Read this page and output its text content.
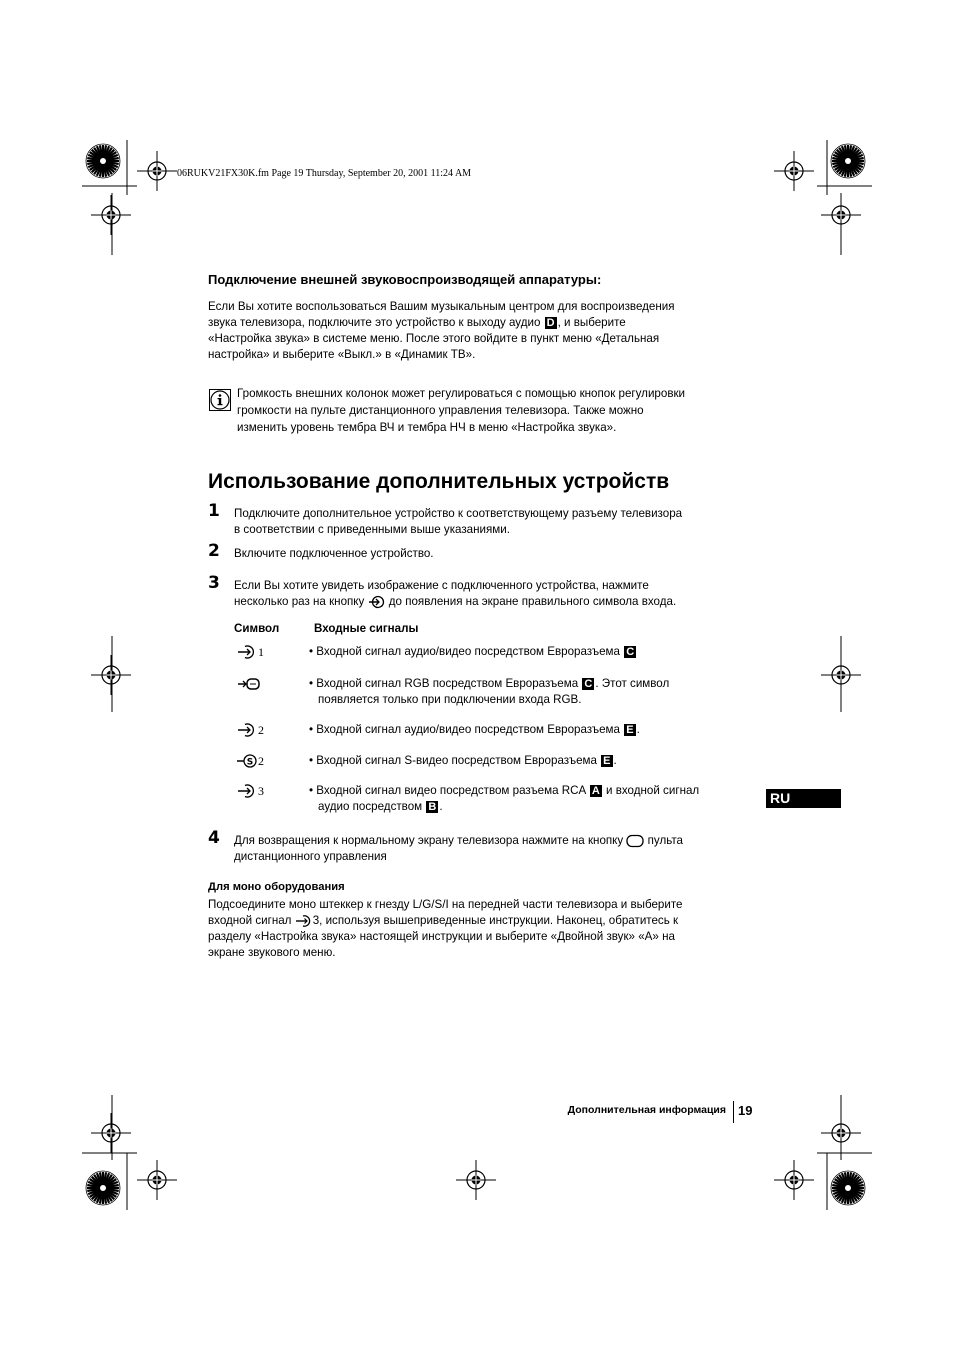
06RUKV21FX30K.fm Page 19 Thursday, September 20, 2001 11:24 AM
Подключение внешней звуковоспроизводящей аппаратуры:
Если Вы хотите воспользоваться Вашим музыкальным центром для воспроизведения
звука телевизора, подключите это устройство к выходу аудио D , и выберите
«Настройка звука» в системе меню. После этого войдите в пункт меню «Детальная
настройка» и выберите «Выкл.» в «Динамик ТВ».
Громкость внешних колонок может регулироваться с помощью кнопок регулировки
громкости на пульте дистанционного управления телевизора. Также можно
изменить уровень тембра ВЧ и тембра НЧ в меню «Настройка звука».
Использование дополнительных устройств
1 Подключите дополнительное устройство к соответствующему разъему телевизора
в соответствии с приведенными выше указаниями.
2 Включите подключенное устройство.
3 Если Вы хотите увидеть изображение с подключенного устройства, нажмите
несколько раз на кнопку до появления на экране правильного символа входа.
Символ	Входные сигналы
1	• Входной сигнал аудио/видео посредством Евроразъема C
• Входной сигнал RGB посредством Евроразъема C . Этот символ
появляется только при подключении входа RGB.
2	• Входной сигнал аудио/видео посредством Евроразъема E .
S 2	• Входной сигнал S-видео посредством Евроразъема E .
3	• Входной сигнал видео посредством разъема RCA A и входной сигнал
аудио посредством B .
RU
4 Для возвращения к нормальному экрану телевизора нажмите на кнопку пульта
дистанционного управления
Для моно оборудования
Подсоедините моно штеккер к гнезду L/G/S/I на передней части телевизора и выберите
входной сигнал 3, используя вышеприведенные инструкции. Наконец, обратитесь к
разделу «Настройка звука» настоящей инструкции и выберите «Двойной звук» «А» на
экране звукового меню.
Дополнительная информация 19
